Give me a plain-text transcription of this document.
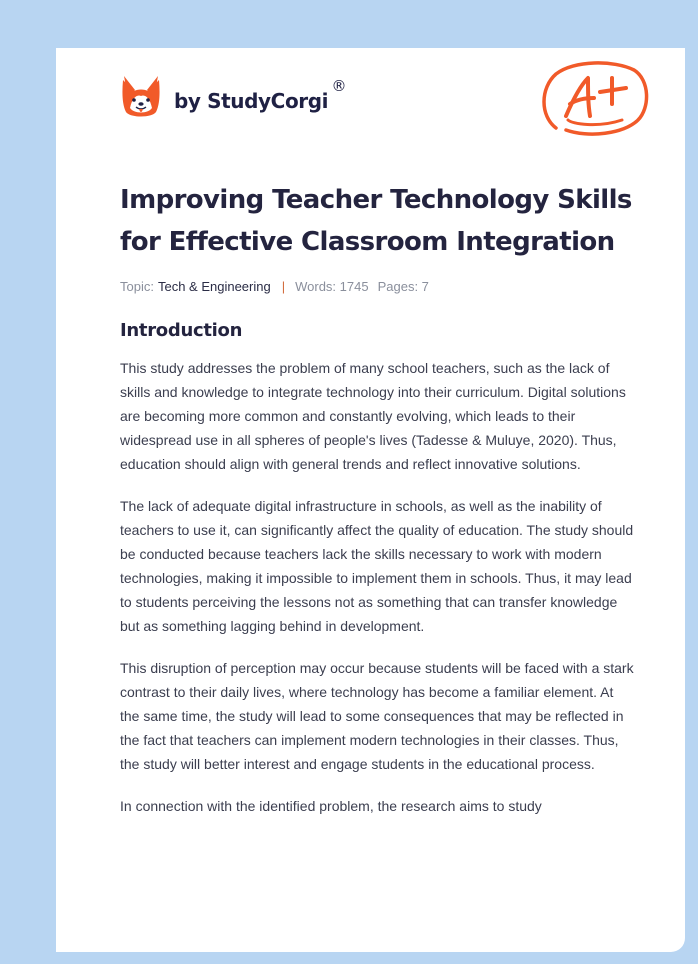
by StudyCorgi
®
Improving Teacher Technology Skills for Effective Classroom Integration
Topic: Tech & Engineering | Words: 1745 Pages: 7
Introduction

This study addresses the problem of many school teachers, such as the lack of skills and knowledge to integrate technology into their curriculum. Digital solutions are becoming more common and constantly evolving, which leads to their widespread use in all spheres of people's lives (Tadesse & Muluye, 2020). Thus, education should align with general trends and reflect innovative solutions.

The lack of adequate digital infrastructure in schools, as well as the inability of teachers to use it, can significantly affect the quality of education. The study should be conducted because teachers lack the skills necessary to work with modern technologies, making it impossible to implement them in schools. Thus, it may lead to students perceiving the lessons not as something that can transfer knowledge but as something lagging behind in development.

This disruption of perception may occur because students will be faced with a stark contrast to their daily lives, where technology has become a familiar element. At the same time, the study will lead to some consequences that may be reflected in the fact that teachers can implement modern technologies in their classes. Thus, the study will better interest and engage students in the educational process.

In connection with the identified problem, the research aims to study
